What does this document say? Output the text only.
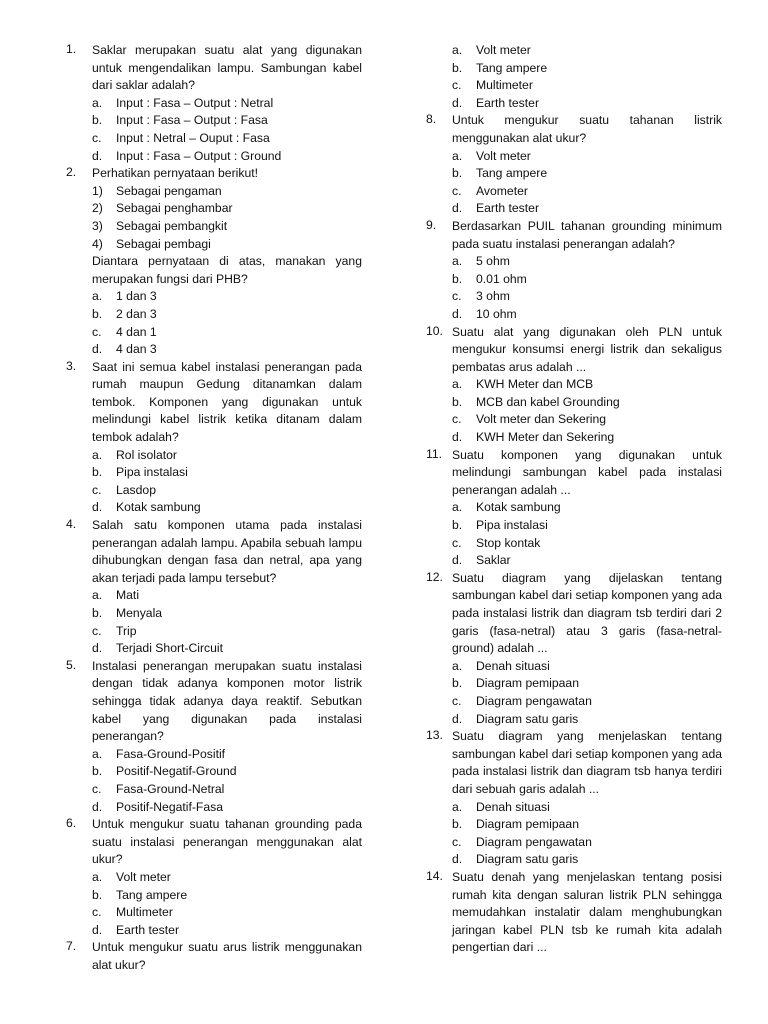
1. Saklar merupakan suatu alat yang digunakan untuk mengendalikan lampu. Sambungan kabel dari saklar adalah?
a. Input : Fasa – Output : Netral
b. Input : Fasa – Output : Fasa
c. Input : Netral – Ouput : Fasa
d. Input : Fasa – Output : Ground
2. Perhatikan pernyataan berikut!
1) Sebagai pengaman
2) Sebagai penghambar
3) Sebagai pembangkit
4) Sebagai pembagi
Diantara pernyataan di atas, manakan yang merupakan fungsi dari PHB?
a. 1 dan 3
b. 2 dan 3
c. 4 dan 1
d. 4 dan 3
3. Saat ini semua kabel instalasi penerangan pada rumah maupun Gedung ditanamkan dalam tembok. Komponen yang digunakan untuk melindungi kabel listrik ketika ditanam dalam tembok adalah?
a. Rol isolator
b. Pipa instalasi
c. Lasdop
d. Kotak sambung
4. Salah satu komponen utama pada instalasi penerangan adalah lampu. Apabila sebuah lampu dihubungkan dengan fasa dan netral, apa yang akan terjadi pada lampu tersebut?
a. Mati
b. Menyala
c. Trip
d. Terjadi Short-Circuit
5. Instalasi penerangan merupakan suatu instalasi dengan tidak adanya komponen motor listrik sehingga tidak adanya daya reaktif. Sebutkan kabel yang digunakan pada instalasi penerangan?
a. Fasa-Ground-Positif
b. Positif-Negatif-Ground
c. Fasa-Ground-Netral
d. Positif-Negatif-Fasa
6. Untuk mengukur suatu tahanan grounding pada suatu instalasi penerangan menggunakan alat ukur?
a. Volt meter
b. Tang ampere
c. Multimeter
d. Earth tester
7. Untuk mengukur suatu arus listrik menggunakan alat ukur?
a. Volt meter
b. Tang ampere
c. Multimeter
d. Earth tester
8. Untuk mengukur suatu tahanan listrik menggunakan alat ukur?
a. Volt meter
b. Tang ampere
c. Avometer
d. Earth tester
9. Berdasarkan PUIL tahanan grounding minimum pada suatu instalasi penerangan adalah?
a. 5 ohm
b. 0.01 ohm
c. 3 ohm
d. 10 ohm
10. Suatu alat yang digunakan oleh PLN untuk mengukur konsumsi energi listrik dan sekaligus pembatas arus adalah ...
a. KWH Meter dan MCB
b. MCB dan kabel Grounding
c. Volt meter dan Sekering
d. KWH Meter dan Sekering
11. Suatu komponen yang digunakan untuk melindungi sambungan kabel pada instalasi penerangan adalah ...
a. Kotak sambung
b. Pipa instalasi
c. Stop kontak
d. Saklar
12. Suatu diagram yang dijelaskan tentang sambungan kabel dari setiap komponen yang ada pada instalasi listrik dan diagram tsb terdiri dari 2 garis (fasa-netral) atau 3 garis (fasa-netral-ground) adalah ...
a. Denah situasi
b. Diagram pemipaan
c. Diagram pengawatan
d. Diagram satu garis
13. Suatu diagram yang menjelaskan tentang sambungan kabel dari setiap komponen yang ada pada instalasi listrik dan diagram tsb hanya terdiri dari sebuah garis adalah ...
a. Denah situasi
b. Diagram pemipaan
c. Diagram pengawatan
d. Diagram satu garis
14. Suatu denah yang menjelaskan tentang posisi rumah kita dengan saluran listrik PLN sehingga memudahkan instalatir dalam menghubungkan jaringan kabel PLN tsb ke rumah kita adalah pengertian dari ...
